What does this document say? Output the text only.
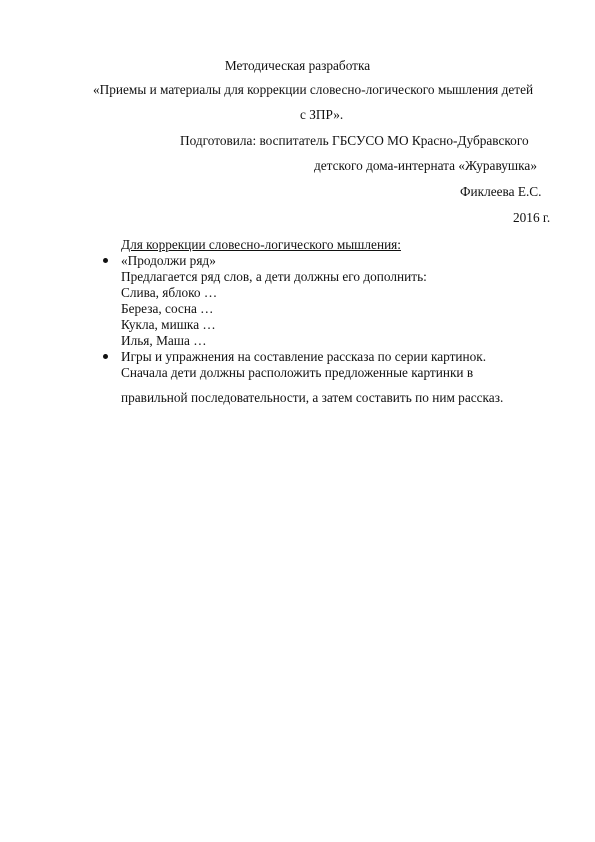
Методическая разработка
«Приемы и материалы для коррекции словесно-логического мышления детей
с ЗПР».
Подготовила: воспитатель ГБСУСО МО Красно-Дубравского
детского дома-интерната «Журавушка»
Фиклеева Е.С.
2016 г.
Для коррекции словесно-логического мышления:
«Продолжи ряд»
Предлагается ряд слов, а дети должны его дополнить:
Слива, яблоко …
Береза, сосна …
Кукла, мишка …
Илья, Маша …
Игры и упражнения на составление рассказа по серии картинок.
Сначала дети должны расположить предложенные картинки в
правильной последовательности, а затем составить по ним рассказ.
